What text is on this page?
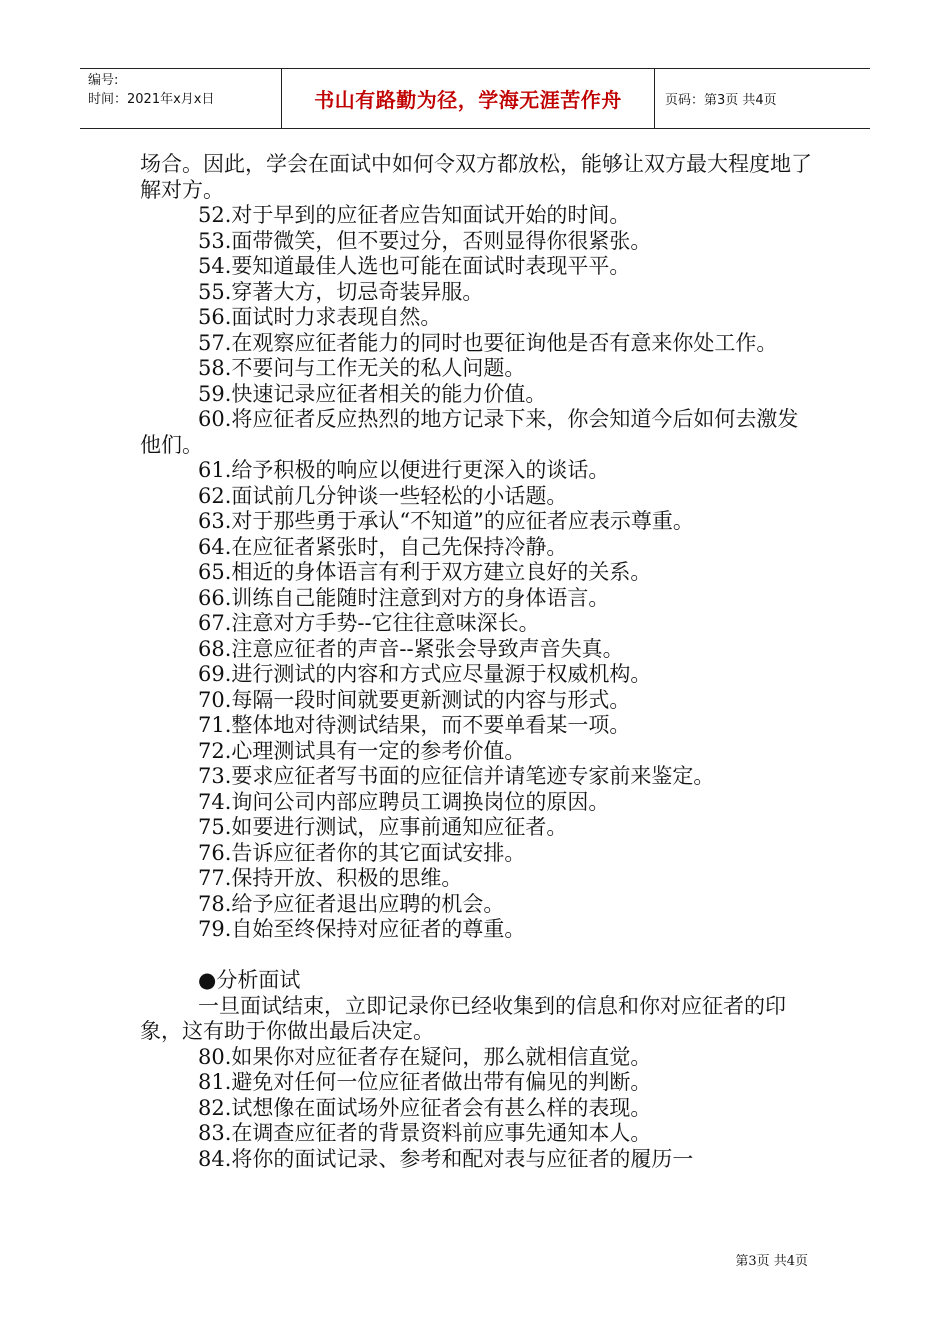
编号:
时间：2021年x月x日	书山有路勤为径，学海无涯苦作舟	页码：第3页 共4页

场合。因此，学会在面试中如何令双方都放松，能够让双方最大程度地了解对方。

52.对于早到的应征者应告知面试开始的时间。

53.面带微笑，但不要过分，否则显得你很紧张。

54.要知道最佳人选也可能在面试时表现平平。

55.穿著大方，切忌奇装异服。

56.面试时力求表现自然。

57.在观察应征者能力的同时也要征询他是否有意来你处工作。

58.不要问与工作无关的私人问题。

59.快速记录应征者相关的能力价值。

60.将应征者反应热烈的地方记录下来，你会知道今后如何去激发他们。

61.给予积极的响应以便进行更深入的谈话。

62.面试前几分钟谈一些轻松的小话题。

63.对于那些勇于承认“不知道”的应征者应表示尊重。

64.在应征者紧张时，自己先保持冷静。

65.相近的身体语言有利于双方建立良好的关系。

66.训练自己能随时注意到对方的身体语言。

67.注意对方手势--它往往意味深长。

68.注意应征者的声音--紧张会导致声音失真。

69.进行测试的内容和方式应尽量源于权威机构。

70.每隔一段时间就要更新测试的内容与形式。

71.整体地对待测试结果，而不要单看某一项。

72.心理测试具有一定的参考价值。

73.要求应征者写书面的应征信并请笔迹专家前来鉴定。

74.询问公司内部应聘员工调换岗位的原因。

75.如要进行测试，应事前通知应征者。

76.告诉应征者你的其它面试安排。

77.保持开放、积极的思维。

78.给予应征者退出应聘的机会。

79.自始至终保持对应征者的尊重。

●分析面试

一旦面试结束，立即记录你已经收集到的信息和你对应征者的印象，这有助于你做出最后决定。

80.如果你对应征者存在疑问，那么就相信直觉。

81.避免对任何一位应征者做出带有偏见的判断。

82.试想像在面试场外应征者会有甚么样的表现。

83.在调查应征者的背景资料前应事先通知本人。

84.将你的面试记录、参考和配对表与应征者的履历一

第3页 共4页
